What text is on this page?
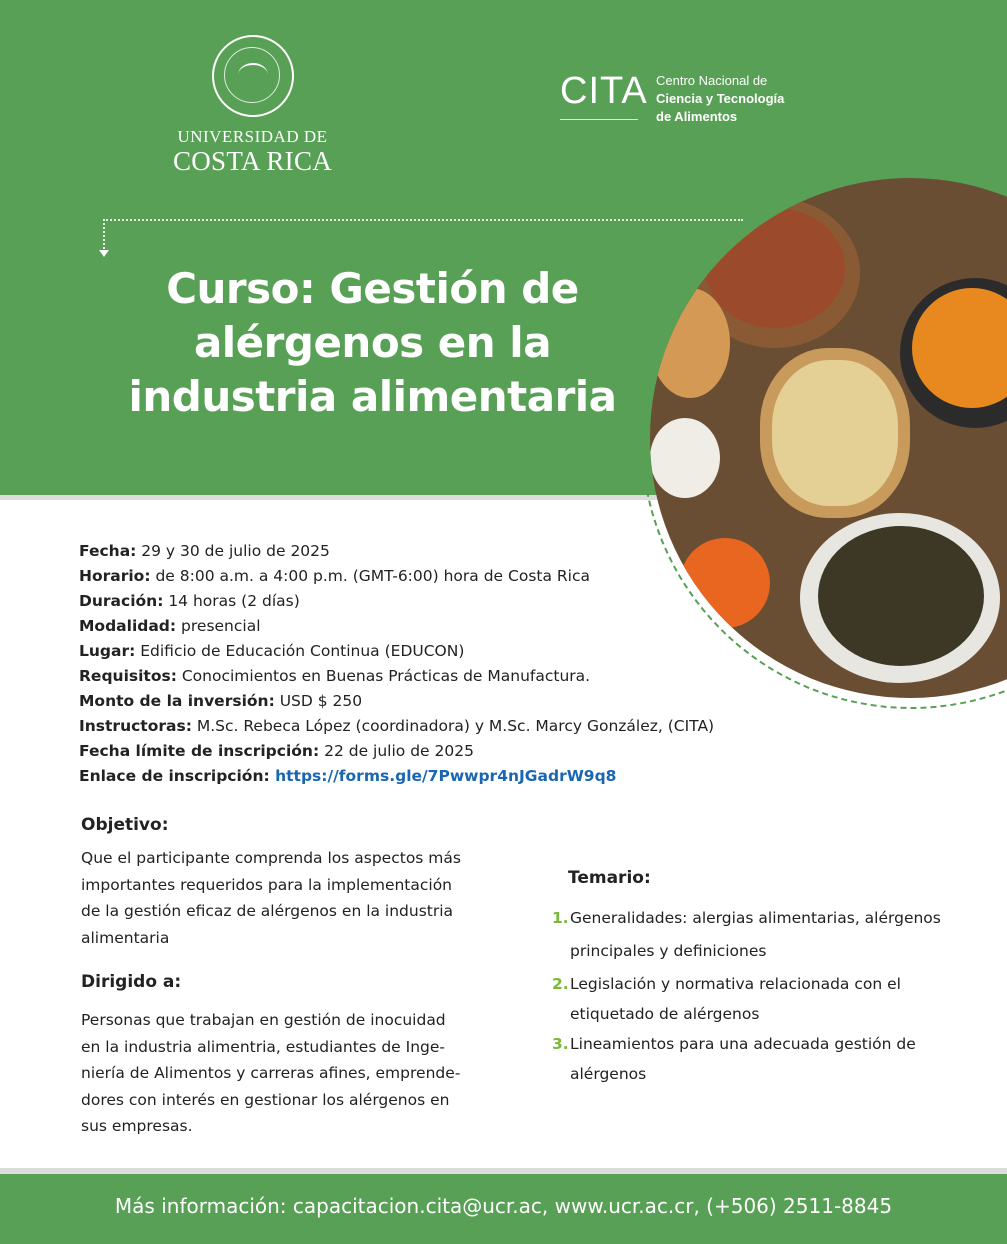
UNIVERSIDAD DE
COSTA RICA
CITA Centro Nacional de
Ciencia y Tecnología
de Alimentos
Curso: Gestión de
alérgenos en la
industria alimentaria
Fecha: 29 y 30 de julio de 2025
Horario: de 8:00 a.m. a 4:00 p.m. (GMT-6:00) hora de Costa Rica
Duración: 14 horas (2 días)
Modalidad: presencial
Lugar: Edificio de Educación Continua (EDUCON)
Requisitos: Conocimientos en Buenas Prácticas de Manufactura.
Monto de la inversión: USD $ 250
Instructoras: M.Sc. Rebeca López (coordinadora) y M.Sc. Marcy González, (CITA)
Fecha límite de inscripción: 22 de julio de 2025
Enlace de inscripción: https://forms.gle/7Pwwpr4nJGadrW9q8
Objetivo:
Que el participante comprenda los aspectos más
importantes requeridos para la implementación
de la gestión eficaz de alérgenos en la industria
alimentaria
Dirigido a:
Personas que trabajan en gestión de inocuidad
en la industria alimentria, estudiantes de Inge-
niería de Alimentos y carreras afines, emprende-
dores con interés en gestionar los alérgenos en
sus empresas.
Temario:
1. Generalidades: alergias alimentarias, alérgenos
principales y definiciones
2. Legislación y normativa relacionada con el
etiquetado de alérgenos
3. Lineamientos para una adecuada gestión de
alérgenos
Más información: capacitacion.cita@ucr.ac, www.ucr.ac.cr, (+506) 2511-8845
